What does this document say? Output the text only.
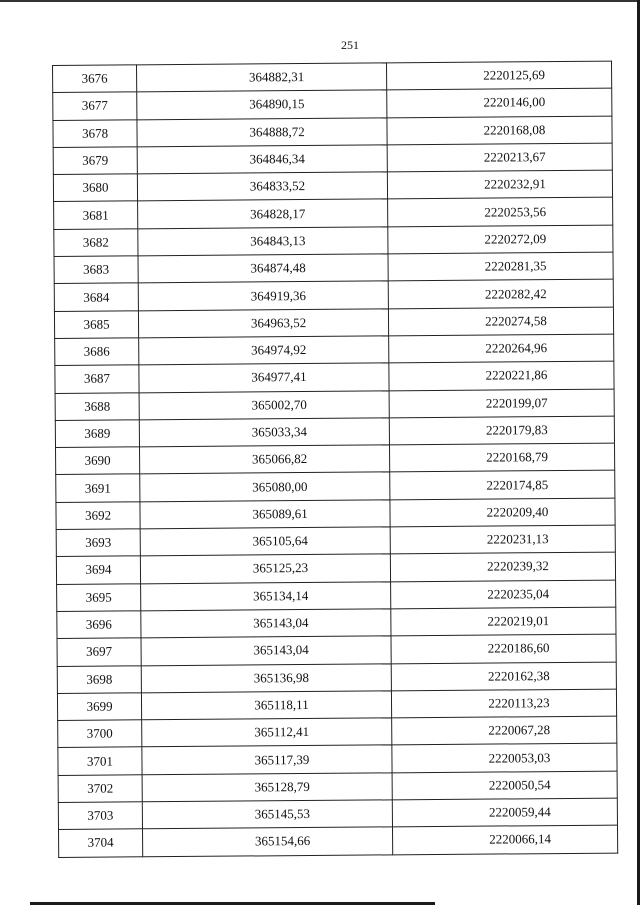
251
3676	364882,31	2220125,69
3677	364890,15	2220146,00
3678	364888,72	2220168,08
3679	364846,34	2220213,67
3680	364833,52	2220232,91
3681	364828,17	2220253,56
3682	364843,13	2220272,09
3683	364874,48	2220281,35
3684	364919,36	2220282,42
3685	364963,52	2220274,58
3686	364974,92	2220264,96
3687	364977,41	2220221,86
3688	365002,70	2220199,07
3689	365033,34	2220179,83
3690	365066,82	2220168,79
3691	365080,00	2220174,85
3692	365089,61	2220209,40
3693	365105,64	2220231,13
3694	365125,23	2220239,32
3695	365134,14	2220235,04
3696	365143,04	2220219,01
3697	365143,04	2220186,60
3698	365136,98	2220162,38
3699	365118,11	2220113,23
3700	365112,41	2220067,28
3701	365117,39	2220053,03
3702	365128,79	2220050,54
3703	365145,53	2220059,44
3704	365154,66	2220066,14
